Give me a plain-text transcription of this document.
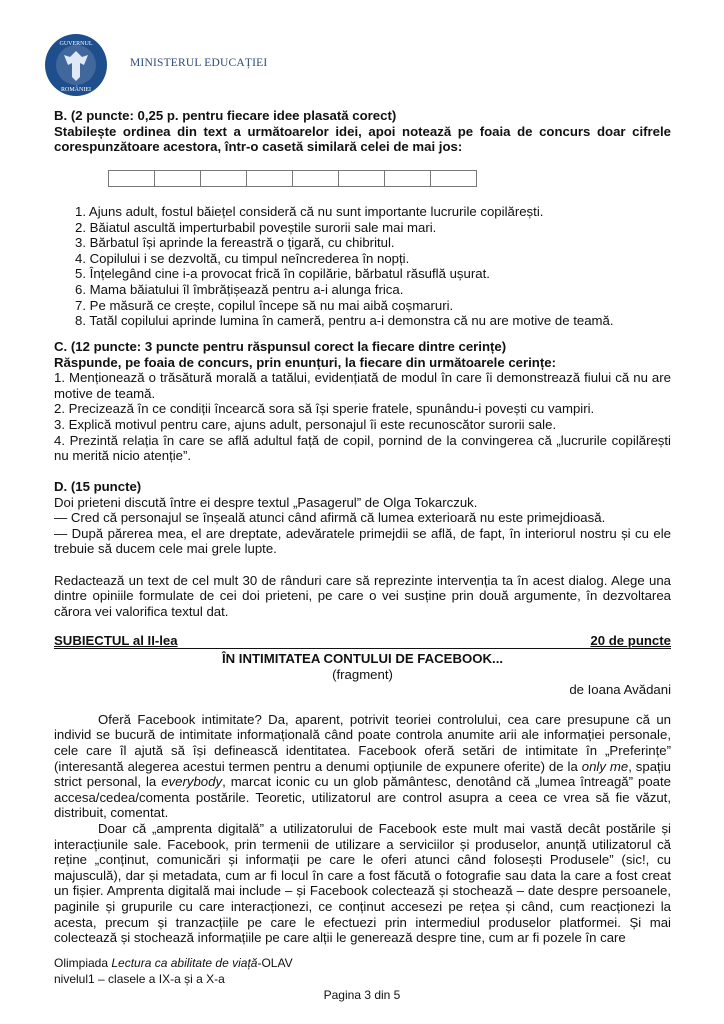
GUVERNUL
ROMÂNIEI
MINISTERUL EDUCAȚIEI

B. (2 puncte: 0,25 p. pentru fiecare idee plasată corect)

Stabilește ordinea din text a următoarelor idei, apoi notează pe foaia de concurs doar cifrele corespunzătoare acestora, într-o casetă similară celei de mai jos:

1. Ajuns adult, fostul băiețel consideră că nu sunt importante lucrurile copilărești.

2. Băiatul ascultă imperturbabil poveștile surorii sale mai mari.

3. Bărbatul își aprinde la fereastră o țigară, cu chibritul.

4. Copilului i se dezvoltă, cu timpul neîncrederea în nopți.

5. Înțelegând cine i-a provocat frică în copilărie, bărbatul răsuflă ușurat.

6. Mama băiatului îl îmbrățișează pentru a-i alunga frica.

7. Pe măsură ce crește, copilul începe să nu mai aibă coșmaruri.

8. Tatăl copilului aprinde lumina în cameră, pentru a-i demonstra că nu are motive de teamă.

C. (12 puncte: 3 puncte pentru răspunsul corect la fiecare dintre cerințe)

Răspunde, pe foaia de concurs, prin enunțuri, la fiecare din următoarele cerințe:

1. Menționează o trăsătură morală a tatălui, evidențiată de modul în care îi demonstrează fiului că nu are motive de teamă.

2. Precizează în ce condiții încearcă sora să își sperie fratele, spunându-i povești cu vampiri.

3. Explică motivul pentru care, ajuns adult, personajul îi este recunoscător surorii sale.

4. Prezintă relația în care se află adultul față de copil, pornind de la convingerea că „lucrurile copilărești nu merită nicio atenție”.

D. (15 puncte)

Doi prieteni discută între ei despre textul „Pasagerul” de Olga Tokarczuk.

— Cred că personajul se înșeală atunci când afirmă că lumea exterioară nu este primejdioasă.

— După părerea mea, el are dreptate, adevăratele primejdii se află, de fapt, în interiorul nostru și cu ele trebuie să ducem cele mai grele lupte.

Redactează un text de cel mult 30 de rânduri care să reprezinte intervenția ta în acest dialog. Alege una dintre opiniile formulate de cei doi prieteni, pe care o vei susține prin două argumente, în dezvoltarea cărora vei valorifica textul dat.

SUBIECTUL al II-lea	20 de puncte

ÎN INTIMITATEA CONTULUI DE FACEBOOK...

(fragment)

de Ioana Avădani

Oferă Facebook intimitate? Da, aparent, potrivit teoriei controlului, cea care presupune că un individ se bucură de intimitate informațională când poate controla anumite arii ale informației personale, cele care îl ajută să își definească identitatea. Facebook oferă setări de intimitate în „Preferințe” (interesantă alegerea acestui termen pentru a denumi opțiunile de expunere oferite) de la only me, spațiu strict personal, la everybody, marcat iconic cu un glob pământesc, denotând că „lumea întreagă” poate accesa/cedea/comenta postările. Teoretic, utilizatorul are control asupra a ceea ce vrea să fie văzut, distribuit, comentat.

Doar că „amprenta digitală” a utilizatorului de Facebook este mult mai vastă decât postările și interacțiunile sale. Facebook, prin termenii de utilizare a serviciilor și produselor, anunță utilizatorul că reține „conținut, comunicări și informații pe care le oferi atunci când folosești Produsele” (sic!, cu majusculă), dar și metadata, cum ar fi locul în care a fost făcută o fotografie sau data la care a fost creat un fișier. Amprenta digitală mai include – și Facebook colectează și stochează – date despre persoanele, paginile și grupurile cu care interacționezi, ce conținut accesezi pe rețea și când, cum reacționezi la acesta, precum și tranzacțiile pe care le efectuezi prin intermediul produselor platformei. Și mai colectează și stochează informațiile pe care alții le generează despre tine, cum ar fi pozele în care

Olimpiada Lectura ca abilitate de viață-OLAV

nivelul1 – clasele a IX-a și a X-a

Pagina 3 din 5
